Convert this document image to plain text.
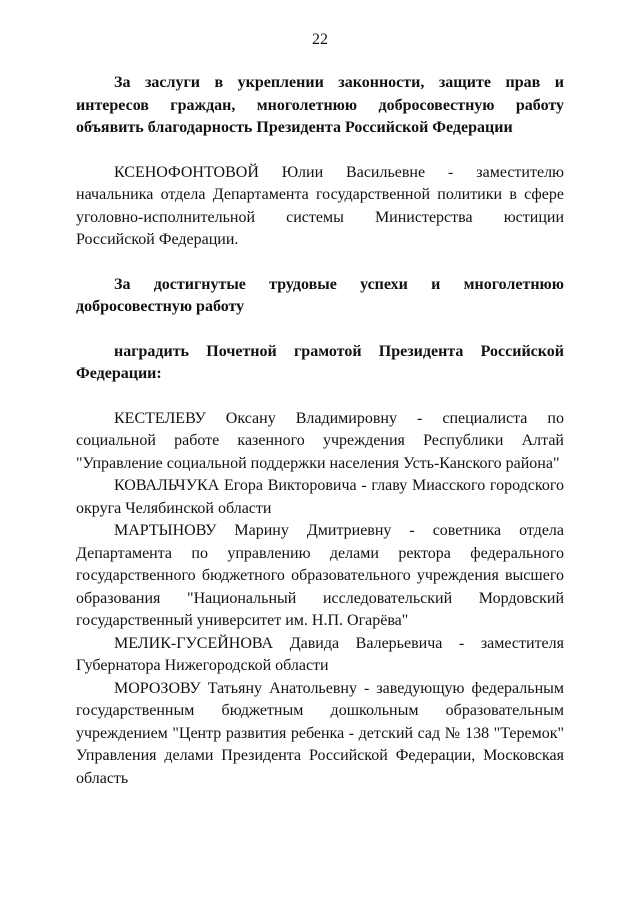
22

За заслуги в укреплении законности, защите прав и интересов граждан, многолетнюю добросовестную работу объявить благодарность Президента Российской Федерации

КСЕНОФОНТОВОЙ Юлии Васильевне - заместителю начальника отдела Департамента государственной политики в сфере уголовно-исполнительной системы Министерства юстиции Российской Федерации.

За достигнутые трудовые успехи и многолетнюю добросовестную работу

наградить Почетной грамотой Президента Российской Федерации:

КЕСТЕЛЕВУ Оксану Владимировну - специалиста по социальной работе казенного учреждения Республики Алтай "Управление социальной поддержки населения Усть-Канского района"

КОВАЛЬЧУКА Егора Викторовича - главу Миасского городского округа Челябинской области

МАРТЫНОВУ Марину Дмитриевну - советника отдела Департамента по управлению делами ректора федерального государственного бюджетного образовательного учреждения высшего образования "Национальный исследовательский Мордовский государственный университет им. Н.П. Огарёва"

МЕЛИК-ГУСЕЙНОВА Давида Валерьевича - заместителя Губернатора Нижегородской области

МОРОЗОВУ Татьяну Анатольевну - заведующую федеральным государственным бюджетным дошкольным образовательным учреждением "Центр развития ребенка - детский сад № 138 "Теремок" Управления делами Президента Российской Федерации, Московская область
